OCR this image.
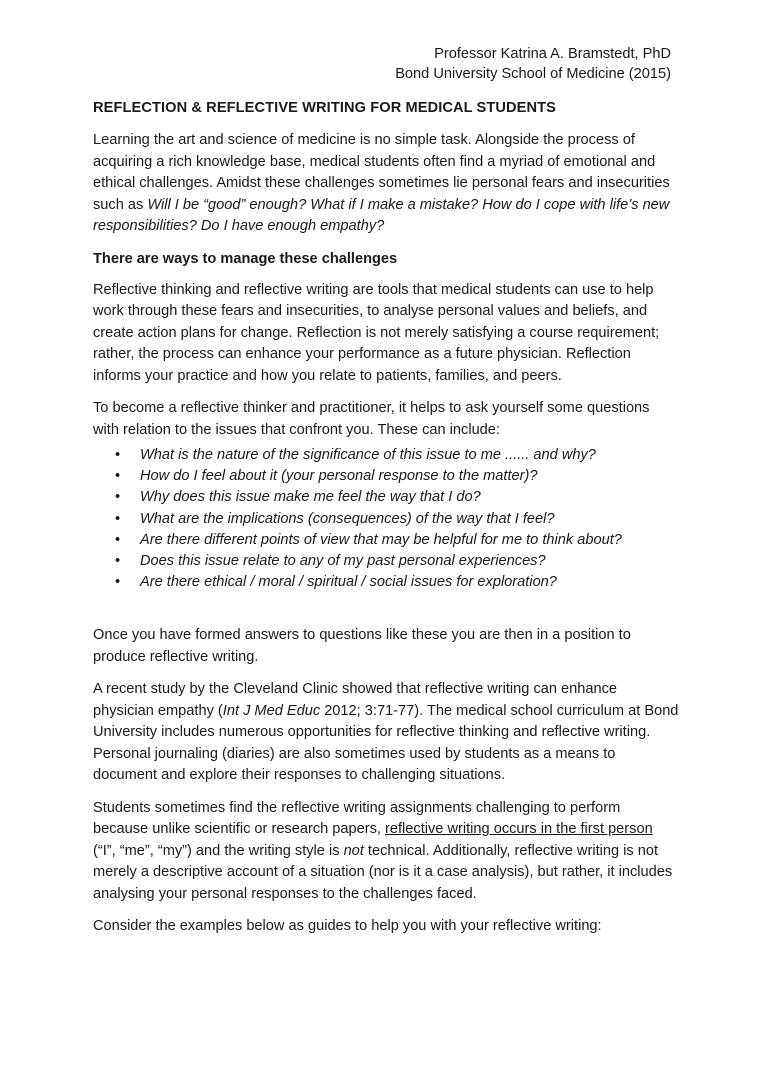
Professor Katrina A. Bramstedt, PhD
Bond University School of Medicine (2015)
REFLECTION & REFLECTIVE WRITING FOR MEDICAL STUDENTS

Learning the art and science of medicine is no simple task. Alongside the process of acquiring a rich knowledge base, medical students often find a myriad of emotional and ethical challenges. Amidst these challenges sometimes lie personal fears and insecurities such as Will I be “good” enough? What if I make a mistake? How do I cope with life’s new responsibilities? Do I have enough empathy?

There are ways to manage these challenges

Reflective thinking and reflective writing are tools that medical students can use to help work through these fears and insecurities, to analyse personal values and beliefs, and create action plans for change. Reflection is not merely satisfying a course requirement; rather, the process can enhance your performance as a future physician. Reflection informs your practice and how you relate to patients, families, and peers.

To become a reflective thinker and practitioner, it helps to ask yourself some questions with relation to the issues that confront you. These can include:

• What is the nature of the significance of this issue to me ...... and why?
• How do I feel about it (your personal response to the matter)?
• Why does this issue make me feel the way that I do?
• What are the implications (consequences) of the way that I feel?
• Are there different points of view that may be helpful for me to think about?
• Does this issue relate to any of my past personal experiences?
• Are there ethical / moral / spiritual / social issues for exploration?

Once you have formed answers to questions like these you are then in a position to produce reflective writing.

A recent study by the Cleveland Clinic showed that reflective writing can enhance physician empathy (Int J Med Educ 2012; 3:71-77). The medical school curriculum at Bond University includes numerous opportunities for reflective thinking and reflective writing. Personal journaling (diaries) are also sometimes used by students as a means to document and explore their responses to challenging situations.

Students sometimes find the reflective writing assignments challenging to perform because unlike scientific or research papers, reflective writing occurs in the first person (“I”, “me”, “my”) and the writing style is not technical. Additionally, reflective writing is not merely a descriptive account of a situation (nor is it a case analysis), but rather, it includes analysing your personal responses to the challenges faced.

Consider the examples below as guides to help you with your reflective writing:
